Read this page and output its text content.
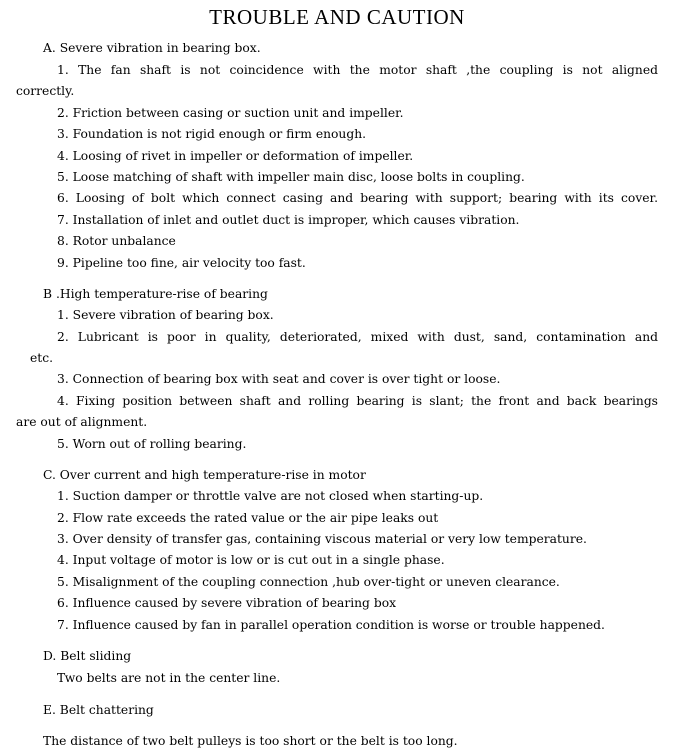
TROUBLE AND CAUTION
A. Severe vibration in bearing box.
1. The fan shaft is not coincidence with the motor shaft ,the coupling is not aligned
correctly.
2. Friction between casing or suction unit and impeller.
3. Foundation is not rigid enough or firm enough.
4. Loosing of rivet in impeller or deformation of impeller.
5. Loose matching of shaft with impeller main disc, loose bolts in coupling.
6. Loosing of bolt which connect casing and bearing with support; bearing with its cover.
7. Installation of inlet and outlet duct is improper, which causes vibration.
8. Rotor unbalance
9. Pipeline too fine, air velocity too fast.
B .High temperature-rise of bearing
1. Severe vibration of bearing box.
2. Lubricant is poor in quality, deteriorated, mixed with dust, sand, contamination and
etc.
3. Connection of bearing box with seat and cover is over tight or loose.
4. Fixing position between shaft and rolling bearing is slant; the front and back bearings
are out of alignment.
5. Worn out of rolling bearing.
C. Over current and high temperature-rise in motor
1. Suction damper or throttle valve are not closed when starting-up.
2. Flow rate exceeds the rated value or the air pipe leaks out
3. Over density of transfer gas, containing viscous material or very low temperature.
4. Input voltage of motor is low or is cut out in a single phase.
5. Misalignment of the coupling connection ,hub over-tight or uneven clearance.
6. Influence caused by severe vibration of bearing box
7. Influence caused by fan in parallel operation condition is worse or trouble happened.
D. Belt sliding
Two belts are not in the center line.
E. Belt chattering
The distance of two belt pulleys is too short or the belt is too long.
